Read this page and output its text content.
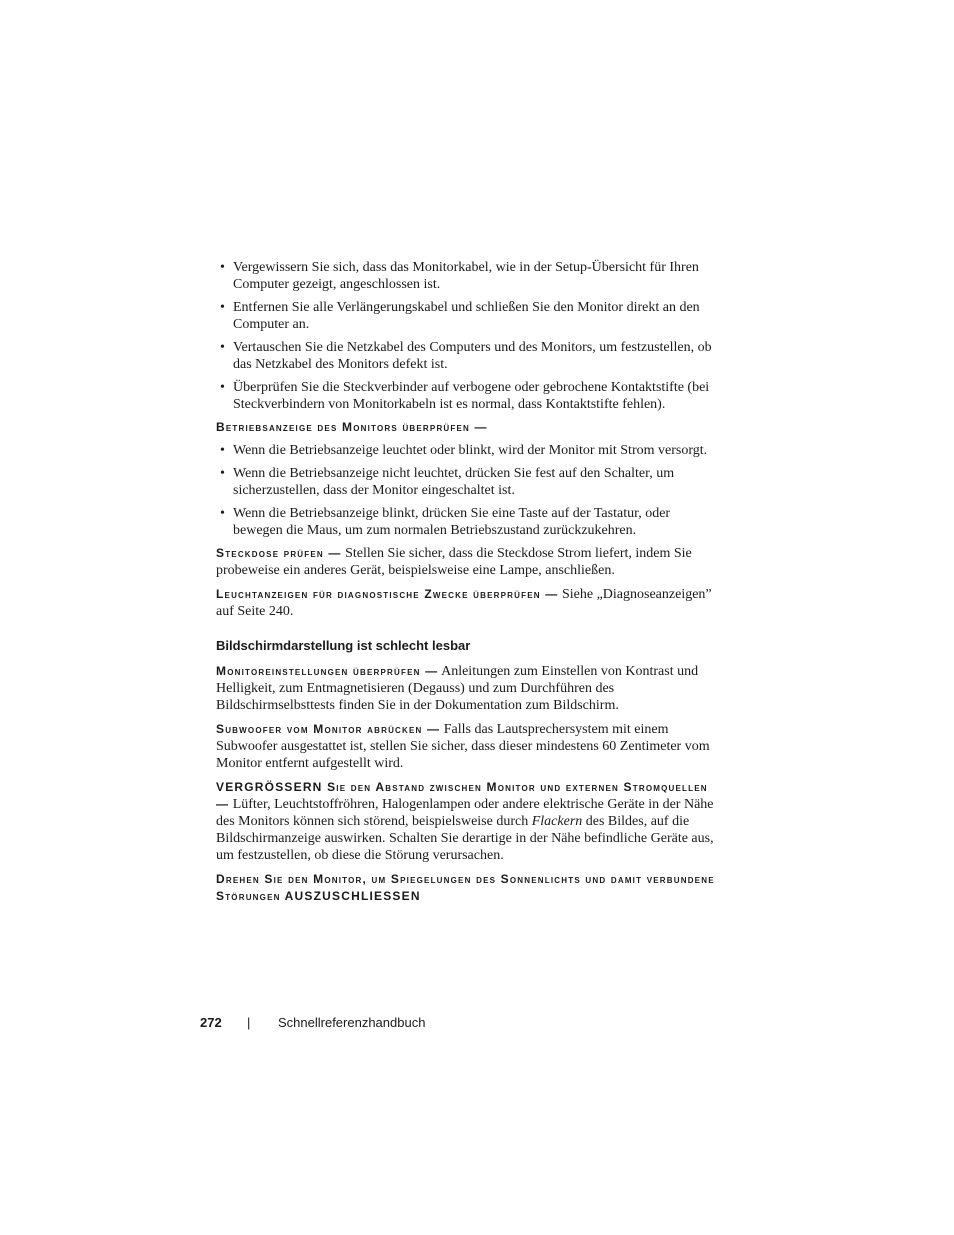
• Vergewissern Sie sich, dass das Monitorkabel, wie in der Setup-Übersicht für Ihren Computer gezeigt, angeschlossen ist.
• Entfernen Sie alle Verlängerungskabel und schließen Sie den Monitor direkt an den Computer an.
• Vertauschen Sie die Netzkabel des Computers und des Monitors, um festzustellen, ob das Netzkabel des Monitors defekt ist.
• Überprüfen Sie die Steckverbinder auf verbogene oder gebrochene Kontaktstifte (bei Steckverbindern von Monitorkabeln ist es normal, dass Kontaktstifte fehlen).

Betriebsanzeige des Monitors überprüfen —

• Wenn die Betriebsanzeige leuchtet oder blinkt, wird der Monitor mit Strom versorgt.
• Wenn die Betriebsanzeige nicht leuchtet, drücken Sie fest auf den Schalter, um sicherzustellen, dass der Monitor eingeschaltet ist.
• Wenn die Betriebsanzeige blinkt, drücken Sie eine Taste auf der Tastatur, oder bewegen die Maus, um zum normalen Betriebszustand zurückzukehren.

Steckdose prüfen — Stellen Sie sicher, dass die Steckdose Strom liefert, indem Sie probeweise ein anderes Gerät, beispielsweise eine Lampe, anschließen.

Leuchtanzeigen für diagnostische Zwecke überprüfen — Siehe „Diagnoseanzeigen” auf Seite 240.

Bildschirmdarstellung ist schlecht lesbar

Monitoreinstellungen überprüfen — Anleitungen zum Einstellen von Kontrast und Helligkeit, zum Entmagnetisieren (Degauss) und zum Durchführen des Bildschirmselbsttests finden Sie in der Dokumentation zum Bildschirm.

Subwoofer vom Monitor abrücken — Falls das Lautsprechersystem mit einem Subwoofer ausgestattet ist, stellen Sie sicher, dass dieser mindestens 60 Zentimeter vom Monitor entfernt aufgestellt wird.

VERGRÖSSERN Sie den Abstand zwischen Monitor und externen Stromquellen — Lüfter, Leuchtstoffröhren, Halogenlampen oder andere elektrische Geräte in der Nähe des Monitors können sich störend, beispielsweise durch Flackern des Bildes, auf die Bildschirmanzeige auswirken. Schalten Sie derartige in der Nähe befindliche Geräte aus, um festzustellen, ob diese die Störung verursachen.

Drehen Sie den Monitor, um Spiegelungen des Sonnenlichts und damit verbundene Störungen AUSZUSCHLIESSEN

272 | Schnellreferenzhandbuch
